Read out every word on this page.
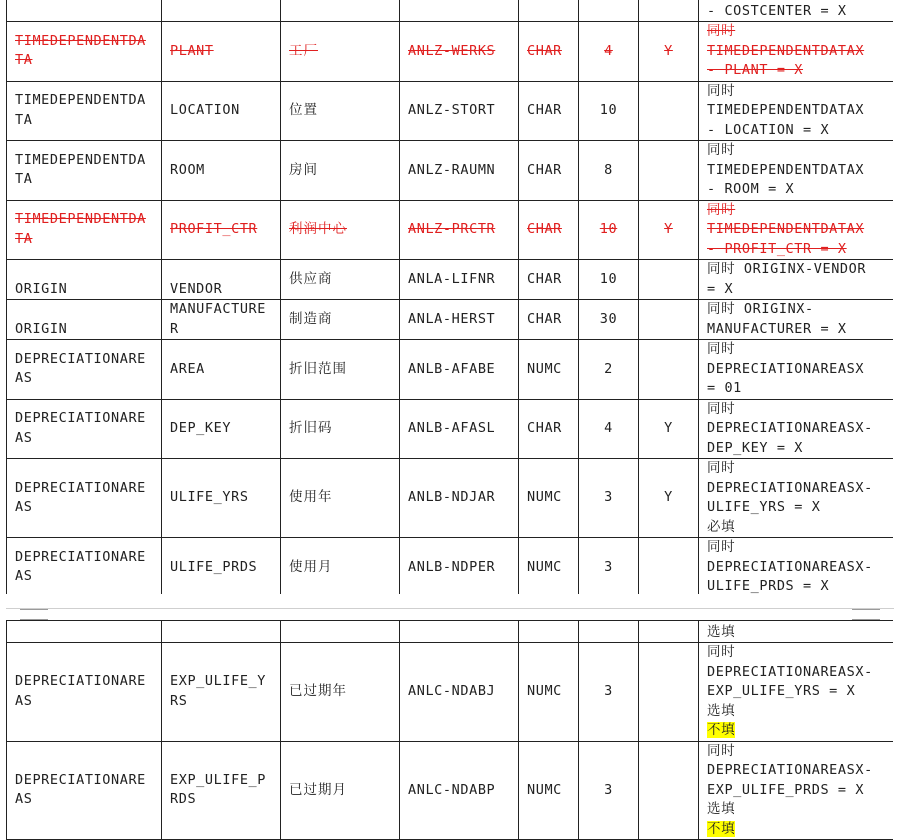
							- COSTCENTER = X
TIMEDEPENDENTDATA	PLANT	工厂	ANLZ-WERKS	CHAR	4	Y	同时
TIMEDEPENDENTDATAX
- PLANT = X

TIMEDEPENDENTDATA	LOCATION	位置	ANLZ-STORT	CHAR	10		同时
TIMEDEPENDENTDATAX
- LOCATION = X

TIMEDEPENDENTDATA	ROOM	房间	ANLZ-RAUMN	CHAR	8		同时
TIMEDEPENDENTDATAX
- ROOM = X

TIMEDEPENDENTDATA	PROFIT_CTR	利润中心	ANLZ-PRCTR	CHAR	10	Y	同时
TIMEDEPENDENTDATAX
- PROFIT_CTR = X

ORIGIN	VENDOR	供应商	ANLA-LIFNR	CHAR	10		同时 ORIGINX-VENDOR
= X

ORIGIN	MANUFACTURER	制造商	ANLA-HERST	CHAR	30		同时 ORIGINX-
MANUFACTURER = X

DEPRECIATIONAREAS	AREA	折旧范围	ANLB-AFABE	NUMC	2		同时
DEPRECIATIONAREASX
= 01

DEPRECIATIONAREAS	DEP_KEY	折旧码	ANLB-AFASL	CHAR	4	Y	同时
DEPRECIATIONAREASX-
DEP_KEY = X

DEPRECIATIONAREAS	ULIFE_YRS	使用年	ANLB-NDJAR	NUMC	3	Y	同时
DEPRECIATIONAREASX-
ULIFE_YRS = X
必填

DEPRECIATIONAREAS	ULIFE_PRDS	使用月	ANLB-NDPER	NUMC	3		同时
DEPRECIATIONAREASX-
ULIFE_PRDS = X
							选填
DEPRECIATIONAREAS	EXP_ULIFE_YRS	已过期年	ANLC-NDABJ	NUMC	3		同时
DEPRECIATIONAREASX-
EXP_ULIFE_YRS = X
选填
不填

DEPRECIATIONAREAS	EXP_ULIFE_PRDS	已过期月	ANLC-NDABP	NUMC	3		同时
DEPRECIATIONAREASX-
EXP_ULIFE_PRDS = X
选填
不填
